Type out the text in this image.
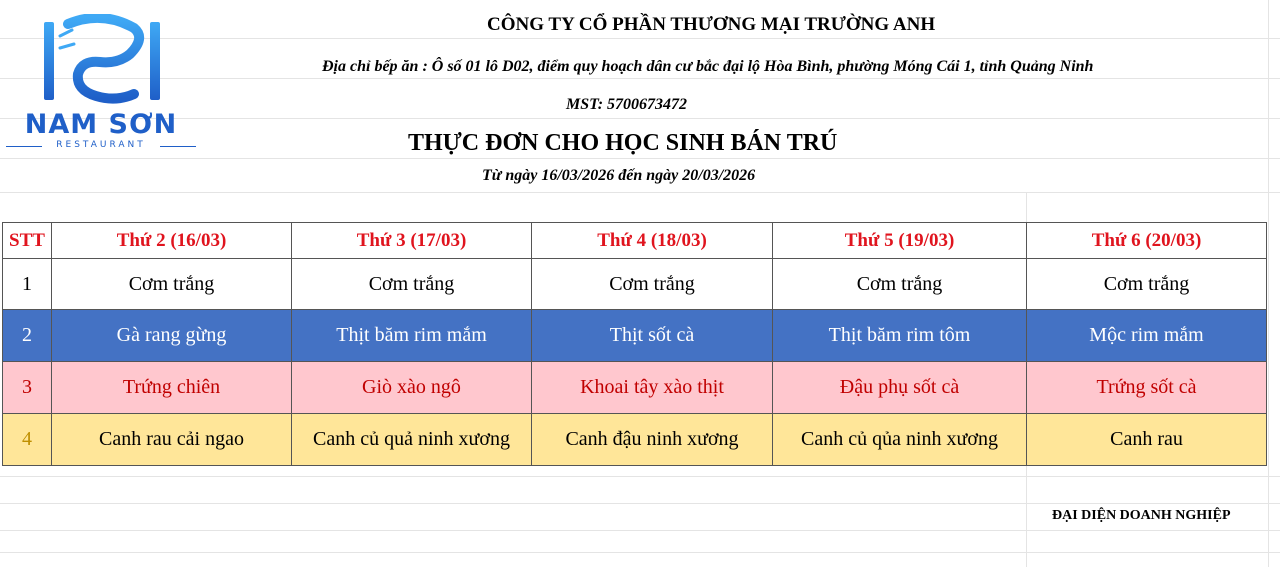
NAM SƠN
RESTAURANT
CÔNG TY CỔ PHẦN THƯƠNG MẠI TRƯỜNG ANH
Địa chỉ bếp ăn : Ô số 01 lô D02, điểm quy hoạch dân cư bắc đại lộ Hòa Bình, phường Móng Cái 1, tỉnh Quảng Ninh
MST: 5700673472
THỰC ĐƠN CHO HỌC SINH BÁN TRÚ
Từ ngày 16/03/2026 đến ngày 20/03/2026
STT	Thứ 2 (16/03)	Thứ 3 (17/03)	Thứ 4 (18/03)	Thứ 5 (19/03)	Thứ 6 (20/03)
1	Cơm trắng	Cơm trắng	Cơm trắng	Cơm trắng	Cơm trắng
2	Gà rang gừng	Thịt băm rim mắm	Thịt sốt cà	Thịt băm rim tôm	Mộc rim mắm
3	Trứng chiên	Giò xào ngô	Khoai tây xào thịt	Đậu phụ sốt cà	Trứng sốt cà
4	Canh rau cải ngao	Canh củ quả ninh xương	Canh đậu ninh xương	Canh củ qủa ninh xương	Canh rau
ĐẠI DIỆN DOANH NGHIỆP
